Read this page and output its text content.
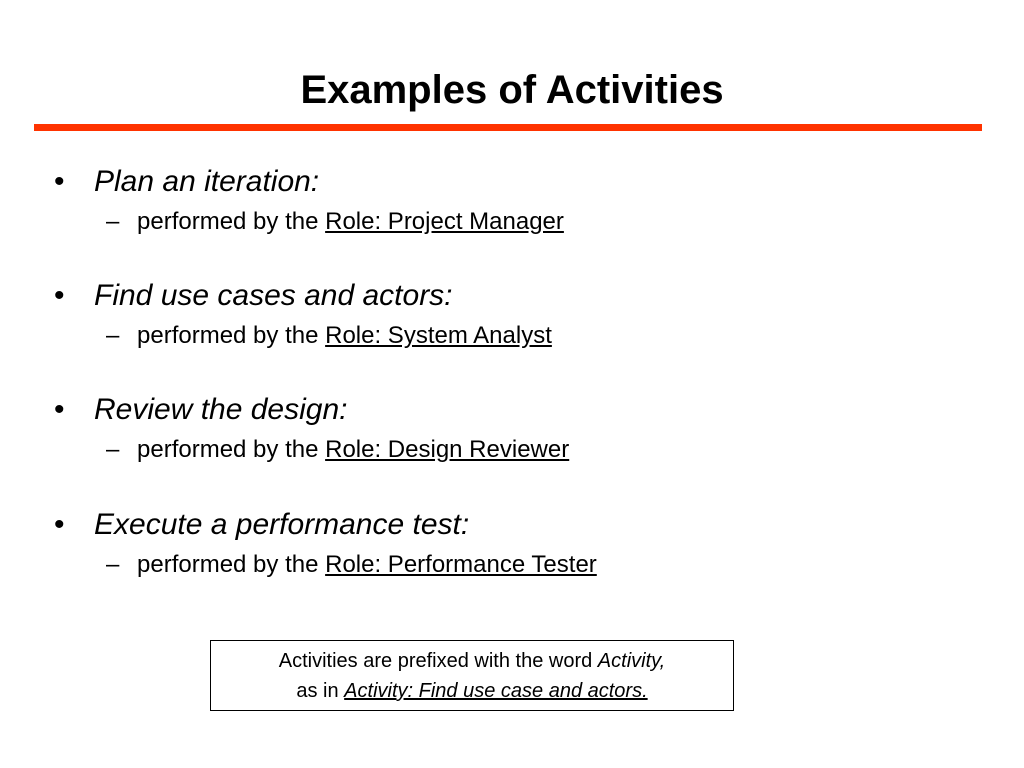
Examples of Activities
• Plan an iteration:
– performed by the Role: Project Manager
• Find use cases and actors:
– performed by the Role: System Analyst
• Review the design:
– performed by the Role: Design Reviewer
• Execute a performance test:
– performed by the Role: Performance Tester
Activities are prefixed with the word Activity,
as in Activity: Find use case and actors.
